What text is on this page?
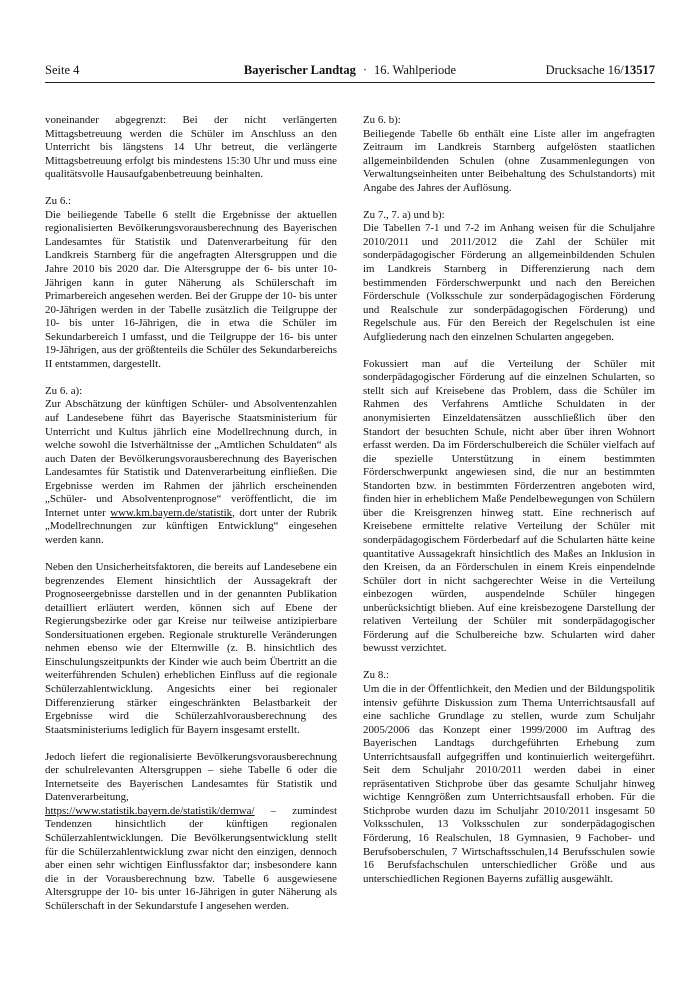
Seite 4	Bayerischer Landtag · 16. Wahlperiode	Drucksache 16/13517

voneinander abgegrenzt: Bei der nicht verlängerten Mittagsbetreuung werden die Schüler im Anschluss an den Unterricht bis längstens 14 Uhr betreut, die verlängerte Mittagsbetreuung erfolgt bis mindestens 15:30 Uhr und muss eine qualitätsvolle Hausaufgabenbetreuung beinhalten.

Zu 6.:

Die beiliegende Tabelle 6 stellt die Ergebnisse der aktuellen regionalisierten Bevölkerungsvorausberechnung des Bayerischen Landesamtes für Statistik und Datenverarbeitung für den Landkreis Starnberg für die angefragten Altersgruppen und die Jahre 2010 bis 2020 dar. Die Altersgruppe der 6- bis unter 10-Jährigen kann in guter Näherung als Schülerschaft im Primarbereich angesehen werden. Bei der Gruppe der 10- bis unter 20-Jährigen werden in der Tabelle zusätzlich die Teilgruppe der 10- bis unter 16-Jährigen, die in etwa die Schüler im Sekundarbereich I umfasst, und die Teilgruppe der 16- bis unter 19-Jährigen, aus der größtenteils die Schüler des Sekundarbereichs II entstammen, dargestellt.

Zu 6. a):

Zur Abschätzung der künftigen Schüler- und Absolventenzahlen auf Landesebene führt das Bayerische Staatsministerium für Unterricht und Kultus jährlich eine Modellrechnung durch, in welche sowohl die Istverhältnisse der „Amtlichen Schuldaten“ als auch Daten der Bevölkerungsvorausberechnung des Bayerischen Landesamtes für Statistik und Datenverarbeitung einfließen. Die Ergebnisse werden im Rahmen der jährlich erscheinenden „Schüler- und Absolventenprognose“ veröffentlicht, die im Internet unter www.km.bayern.de/statistik, dort unter der Rubrik „Modellrechnungen zur künftigen Entwicklung“ eingesehen werden kann.

Neben den Unsicherheitsfaktoren, die bereits auf Landesebene ein begrenzendes Element hinsichtlich der Aussagekraft der Prognoseergebnisse darstellen und in der genannten Publikation detailliert erläutert werden, können sich auf Ebene der Regierungsbezirke oder gar Kreise nur teilweise antizipierbare Sondersituationen ergeben. Regionale strukturelle Veränderungen nehmen ebenso wie der Elternwille (z. B. hinsichtlich des Einschulungszeitpunkts der Kinder wie auch beim Übertritt an die weiterführenden Schulen) erheblichen Einfluss auf die regionale Schülerzahlentwicklung. Angesichts einer bei regionaler Differenzierung stärker eingeschränkten Belastbarkeit der Ergebnisse wird die Schülerzahlvorausberechnung des Staatsministeriums lediglich für Bayern insgesamt erstellt.

Jedoch liefert die regionalisierte Bevölkerungsvorausberechnung der schulrelevanten Altersgruppen – siehe Tabelle 6 oder die Internetseite des Bayerischen Landesamtes für Statistik und Datenverarbeitung, https://www.statistik.bayern.de/statistik/demwa/ – zumindest Tendenzen hinsichtlich der künftigen regionalen Schülerzahlentwicklungen. Die Bevölkerungsentwicklung stellt für die Schülerzahlentwicklung zwar nicht den einzigen, dennoch aber einen sehr wichtigen Einflussfaktor dar; insbesondere kann die in der Vorausberechnung bzw. Tabelle 6 ausgewiesene Altersgruppe der 10- bis unter 16-Jährigen in guter Näherung als Schülerschaft in der Sekundarstufe I angesehen werden.

Zu 6. b):

Beiliegende Tabelle 6b enthält eine Liste aller im angefragten Zeitraum im Landkreis Starnberg aufgelösten staatlichen allgemeinbildenden Schulen (ohne Zusammenlegungen von Verwaltungseinheiten unter Beibehaltung des Schulstandorts) mit Angabe des Jahres der Auflösung.

Zu 7., 7. a) und b):

Die Tabellen 7-1 und 7-2 im Anhang weisen für die Schuljahre 2010/2011 und 2011/2012 die Zahl der Schüler mit sonderpädagogischer Förderung an allgemeinbildenden Schulen im Landkreis Starnberg in Differenzierung nach dem bestimmenden Förderschwerpunkt und nach den Bereichen Förderschule (Volksschule zur sonderpädagogischen Förderung und Realschule zur sonderpädagogischen Förderung) und Regelschule aus. Für den Bereich der Regelschulen ist eine Aufgliederung nach den einzelnen Schularten angegeben.

Fokussiert man auf die Verteilung der Schüler mit sonderpädagogischer Förderung auf die einzelnen Schularten, so stellt sich auf Kreisebene das Problem, dass die Schüler im Rahmen des Verfahrens Amtliche Schuldaten in der anonymisierten Einzeldatensätzen ausschließlich über den Standort der besuchten Schule, nicht aber über ihren Wohnort erfasst werden. Da im Förderschulbereich die Schüler vielfach auf die spezielle Unterstützung in einem bestimmten Förderschwerpunkt angewiesen sind, die nur an bestimmten Standorten bzw. in bestimmten Förderzentren angeboten wird, finden hier in erheblichem Maße Pendelbewegungen von Schülern über die Kreisgrenzen hinweg statt. Eine rechnerisch auf Kreisebene ermittelte relative Verteilung der Schüler mit sonderpädagogischem Förderbedarf auf die Schularten hätte keine quantitative Aussagekraft hinsichtlich des Maßes an Inklusion in den Kreisen, da an Förderschulen in einem Kreis einpendelnde Schüler dort in nicht sachgerechter Weise in die Verteilung einbezogen würden, auspendelnde Schüler hingegen unberücksichtigt blieben. Auf eine kreisbezogene Darstellung der relativen Verteilung der Schüler mit sonderpädagogischer Förderung auf die Schulbereiche bzw. Schularten wird daher bewusst verzichtet.

Zu 8.:

Um die in der Öffentlichkeit, den Medien und der Bildungspolitik intensiv geführte Diskussion zum Thema Unterrichtsausfall auf eine sachliche Grundlage zu stellen, wurde zum Schuljahr 2005/2006 das Konzept einer 1999/2000 im Auftrag des Bayerischen Landtags durchgeführten Erhebung zum Unterrichtsausfall aufgegriffen und kontinuierlich weitergeführt. Seit dem Schuljahr 2010/2011 werden dabei in einer repräsentativen Stichprobe über das gesamte Schuljahr hinweg wichtige Kenngrößen zum Unterrichtsausfall erhoben. Für die Stichprobe wurden dazu im Schuljahr 2010/2011 insgesamt 50 Volksschulen, 13 Volksschulen zur sonderpädagogischen Förderung, 16 Realschulen, 18 Gymnasien, 9 Fachober- und Berufsoberschulen, 7 Wirtschaftsschulen,14 Berufsschulen sowie 16 Berufsfachschulen unterschiedlicher Größe und aus unterschiedlichen Regionen Bayerns zufällig ausgewählt.
